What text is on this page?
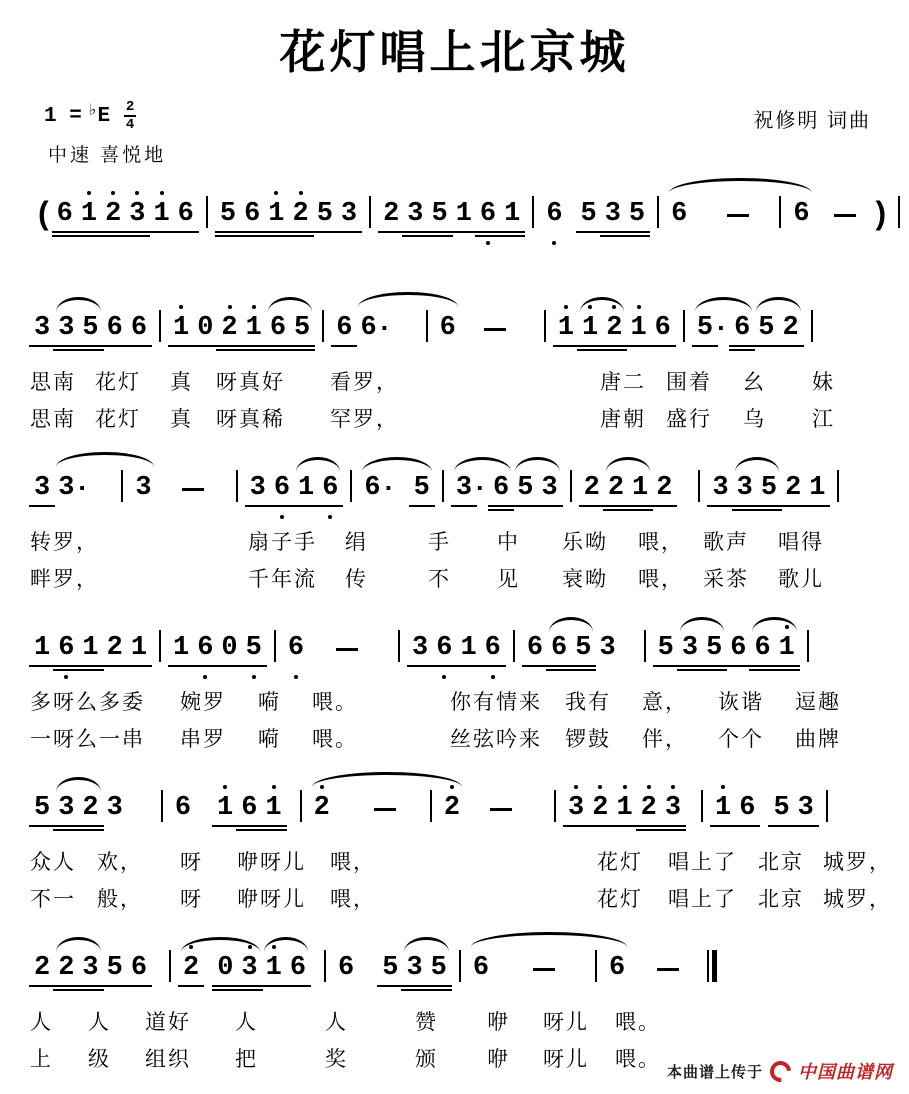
花灯唱上北京城
1 = ♭ E $\frac{2}{4}$
中速 喜悦地
祝修明 词曲
( 6 1 2 3 1 6 5 6 1 2 5 3 2 3 5 1 6 1 6 5 3 5 6	6 )
3 3 5 6 6 1 0 2 1 6 5 6 6 · 6	1 1 2 1 6 5 · 6 5 2
思南 花灯 真 呀真好 看罗，	唐二 围着 幺 妹
思南 花灯 真 呀真稀 罕罗，	唐朝 盛行 乌 江
3 3 · 3	3 6 1 6 6 · 5 3 · 6 5 3 2 2 1 2 3 3 5 2 1
转罗，	扇子手 绢	手 中 乐呦 喂， 歌声 唱得
畔罗，	千年流 传	不 见 衰呦 喂， 采茶 歌儿
1 6 1 2 1 1 6 0 5 6	3 6 1 6 6 6 5 3 5 3 5 6 6 1
多呀么多委 婉罗 嗬 喂。	你有情来 我有 意， 诙谐 逗趣
一呀么一串 串罗 嗬 喂。	丝弦吟来 锣鼓 伴， 个个 曲牌
5 3 2 3 6 1 6 1 2	2	3 2 1 2 3 1 6 5 3
众人 欢， 呀 咿呀儿 喂，	花灯 唱上了 北京 城罗，
不一 般， 呀 咿呀儿 喂，	花灯 唱上了 北京 城罗，
2 2 3 5 6 2 0 3 1 6 6 5 3 5 6	6
人 人 道好 人	人	赞 咿 呀儿 喂。
上 级 组织 把	奖	颁 咿 呀儿 喂。
本曲谱上传于 中国曲谱网
